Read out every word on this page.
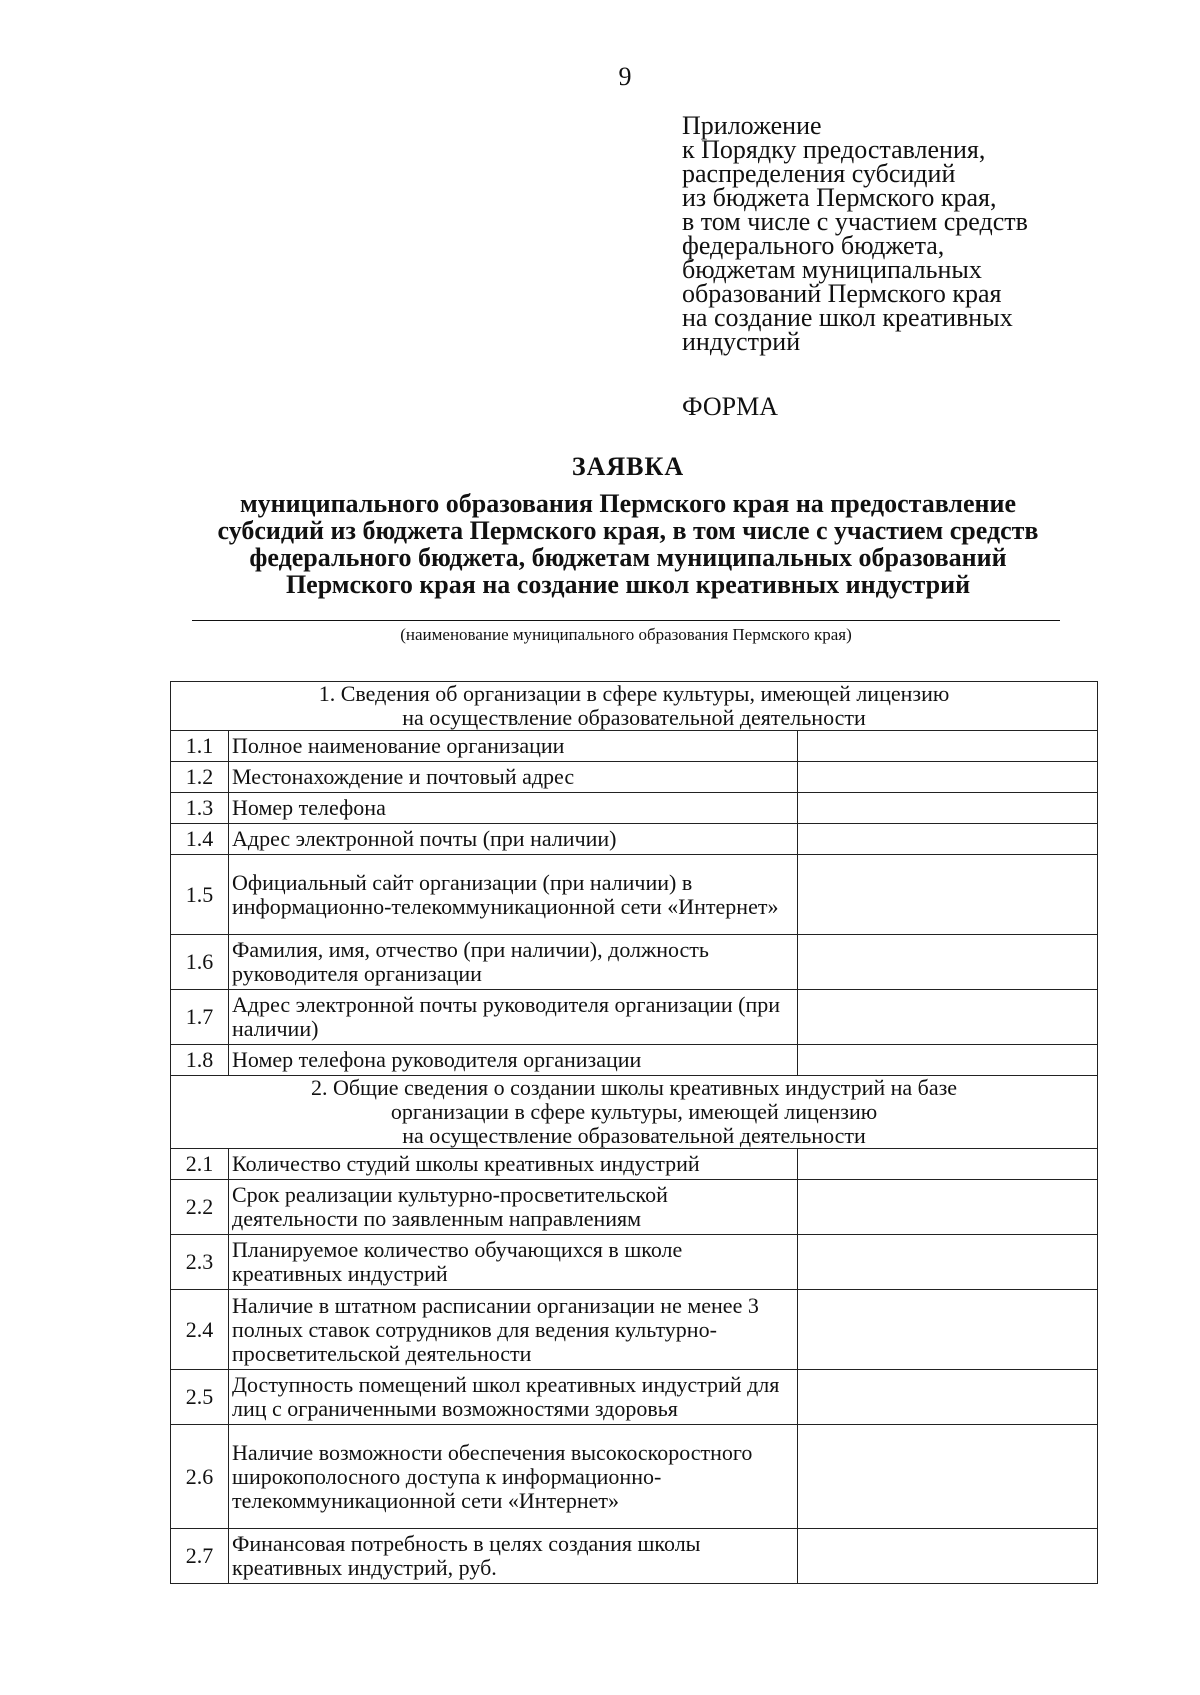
9
Приложение
к Порядку предоставления,
распределения субсидий
из бюджета Пермского края,
в том числе с участием средств
федерального бюджета,
бюджетам муниципальных
образований Пермского края
на создание школ креативных
индустрий
ФОРМА
ЗАЯВКА
муниципального образования Пермского края на предоставление
субсидий из бюджета Пермского края, в том числе с участием средств
федерального бюджета, бюджетам муниципальных образований
Пермского края на создание школ креативных индустрий
(наименование муниципального образования Пермского края)
1. Сведения об организации в сфере культуры, имеющей лицензию
на осуществление образовательной деятельности		

1.1	Полное наименование организации	
1.2	Местонахождение и почтовый адрес	
1.3	Номер телефона	
1.4	Адрес электронной почты (при наличии)	
1.5	Официальный сайт организации (при наличии) в информационно-телекоммуникационной сети «Интернет»	
1.6	Фамилия, имя, отчество (при наличии), должность руководителя организации	
1.7	Адрес электронной почты руководителя организации (при наличии)	
1.8	Номер телефона руководителя организации	

2. Общие сведения о создании школы креативных индустрий на базе
организации в сфере культуры, имеющей лицензию
на осуществление образовательной деятельности		

2.1	Количество студий школы креативных индустрий	
2.2	Срок реализации культурно-просветительской деятельности по заявленным направлениям	
2.3	Планируемое количество обучающихся в школе креативных индустрий	
2.4	Наличие в штатном расписании организации не менее 3 полных ставок сотрудников для ведения культурно-просветительской деятельности	
2.5	Доступность помещений школ креативных индустрий для лиц с ограниченными возможностями здоровья	
2.6	Наличие возможности обеспечения высокоскоростного широкополосного доступа к информационно-телекоммуникационной сети «Интернет»	
2.7	Финансовая потребность в целях создания школы креативных индустрий, руб.	
